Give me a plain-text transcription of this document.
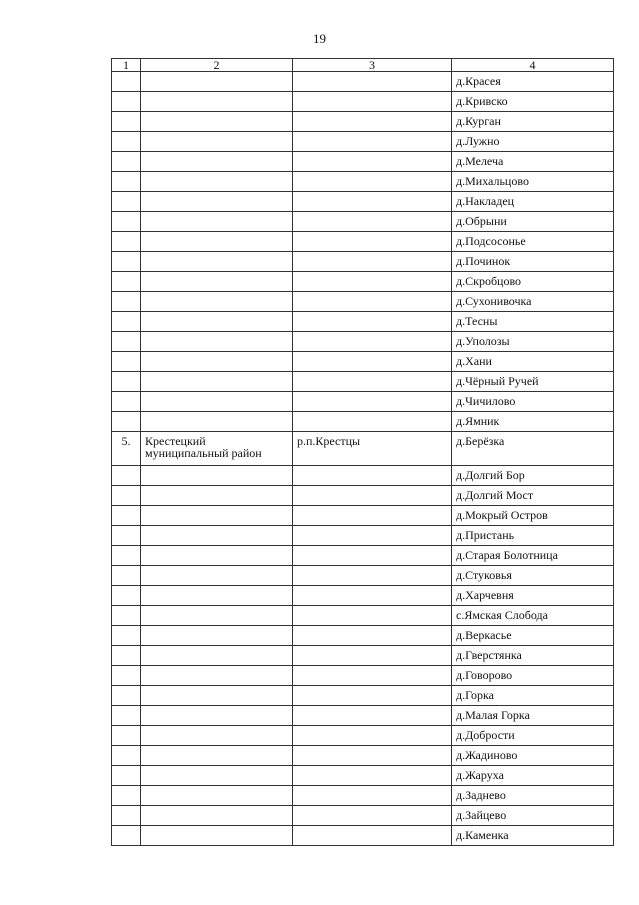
19
1	2	3	4
			д.Красея
			д.Кривско
			д.Курган
			д.Лужно
			д.Мелеча
			д.Михальцово
			д.Накладец
			д.Обрыни
			д.Подсосонье
			д.Починок
			д.Скробцово
			д.Сухонивочка
			д.Тесны
			д.Уполозы
			д.Хани
			д.Чёрный Ручей
			д.Чичилово
			д.Ямник
5.	Крестецкий муниципальный район	р.п.Крестцы	д.Берёзка
			д.Долгий Бор
			д.Долгий Мост
			д.Мокрый Остров
			д.Пристань
			д.Старая Болотница
			д.Стуковья
			д.Харчевня
			с.Ямская Слобода
			д.Веркасье
			д.Гверстянка
			д.Говорово
			д.Горка
			д.Малая Горка
			д.Добрости
			д.Жадиново
			д.Жаруха
			д.Заднево
			д.Зайцево
			д.Каменка
